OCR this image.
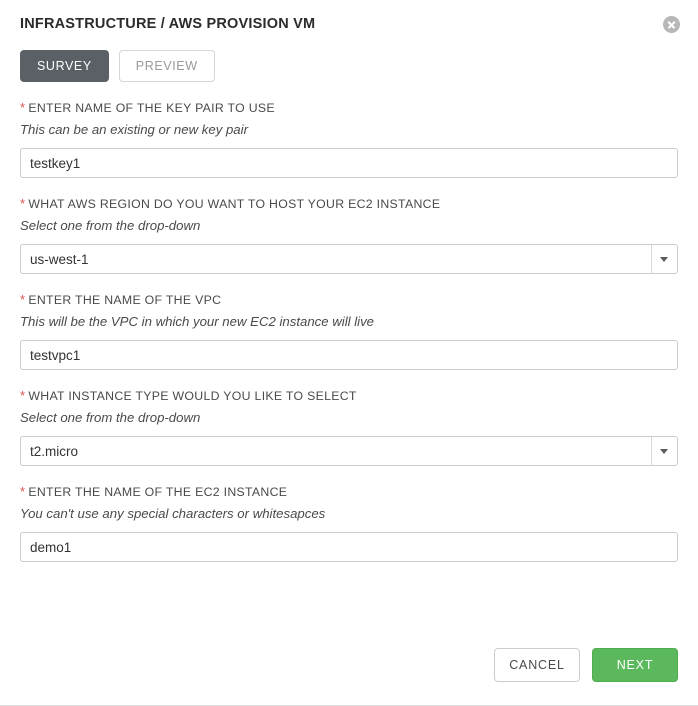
INFRASTRUCTURE / AWS PROVISION VM
SURVEY	PREVIEW
* ENTER NAME OF THE KEY PAIR TO USE
This can be an existing or new key pair
testkey1
* WHAT AWS REGION DO YOU WANT TO HOST YOUR EC2 INSTANCE
Select one from the drop-down
us-west-1
* ENTER THE NAME OF THE VPC
This will be the VPC in which your new EC2 instance will live
testvpc1
* WHAT INSTANCE TYPE WOULD YOU LIKE TO SELECT
Select one from the drop-down
t2.micro
* ENTER THE NAME OF THE EC2 INSTANCE
You can't use any special characters or whitesapces
demo1
CANCEL	NEXT
